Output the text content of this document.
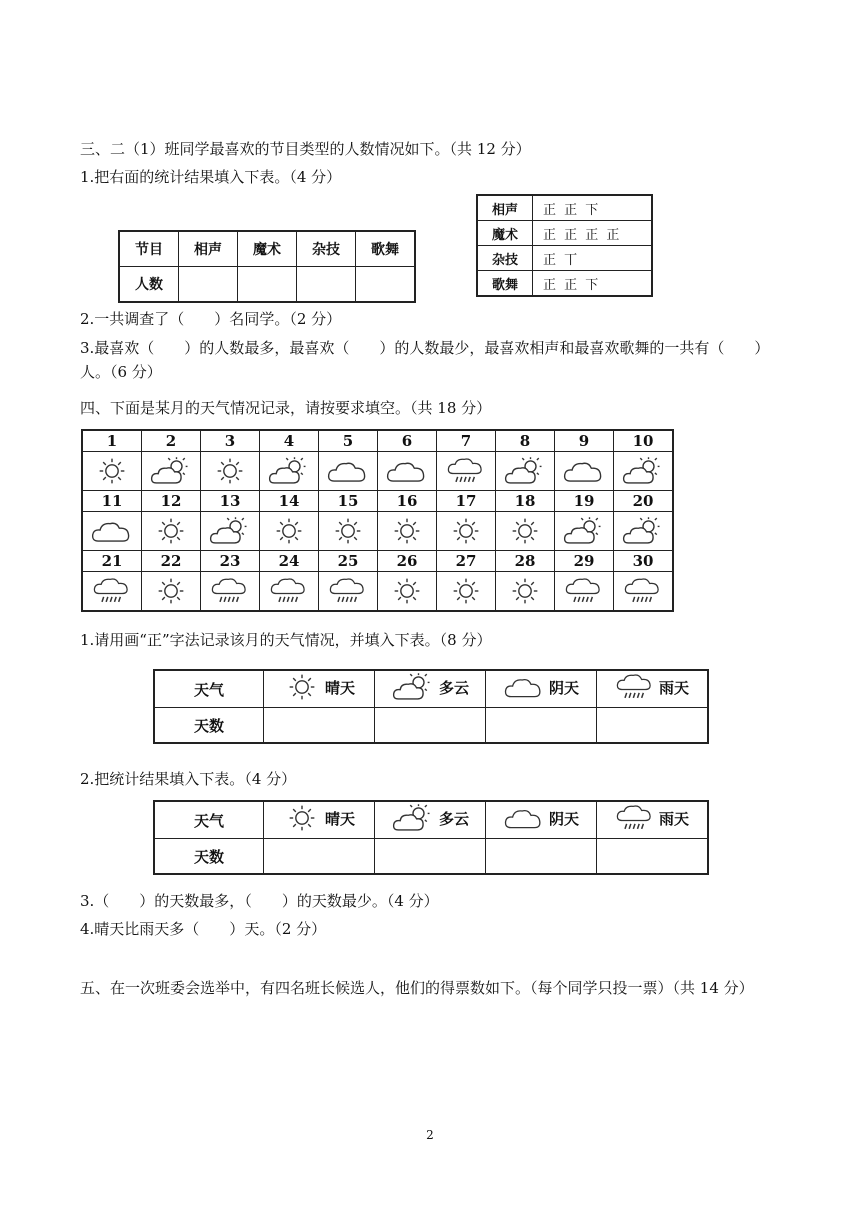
三、二（1）班同学最喜欢的节目类型的人数情况如下。（共 12 分）
1.把右面的统计结果填入下表。（4 分）
节目	相声	魔术	杂技	歌舞
人数				
相声	正 正 下
魔术	正 正 正 正
杂技	正 丅
歌舞	正 正 下
2.一共调查了（　　）名同学。（2 分）
3.最喜欢（　　）的人数最多，最喜欢（　　）的人数最少，最喜欢相声和最喜欢歌舞的一共有（　　）人。（6 分）
四、下面是某月的天气情况记录，请按要求填空。（共 18 分）
1	2	3	4	5	6	7	8	9	10

11	12	13	14	15	16	17	18	19	20

21	22	23	24	25	26	27	28	29	30

1.请用画“正”字法记录该月的天气情况，并填入下表。（8 分）
天气	晴天	多云	阴天	雨天

天数				
2.把统计结果填入下表。（4 分）
天气	晴天	多云	阴天	雨天

天数				
3.（　　）的天数最多，（　　）的天数最少。（4 分）
4.晴天比雨天多（　　）天。（2 分）
五、在一次班委会选举中，有四名班长候选人，他们的得票数如下。（每个同学只投一票）（共 14 分）
2
